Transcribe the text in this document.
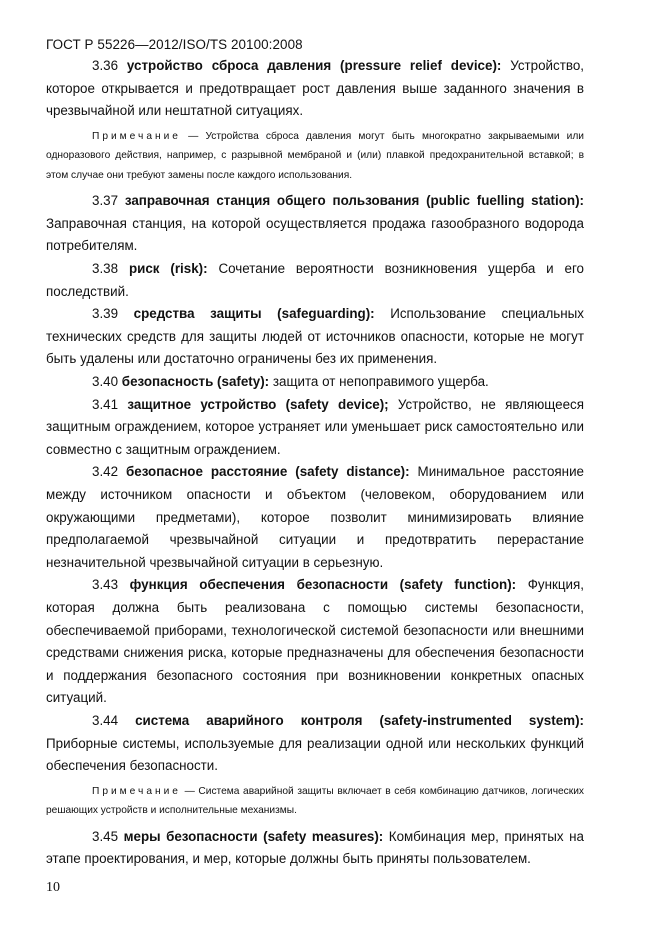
ГОСТ Р 55226—2012/ISO/TS 20100:2008

3.36 устройство сброса давления (pressure relief device): Устройство, которое открывается и предотвращает рост давления выше заданного значения в чрезвычайной или нештатной ситуациях.

Примечание — Устройства сброса давления могут быть многократно закрываемыми или одноразового действия, например, с разрывной мембраной и (или) плавкой предохранительной вставкой; в этом случае они требуют замены после каждого использования.

3.37 заправочная станция общего пользования (public fuelling station): Заправочная станция, на которой осуществляется продажа газообразного водорода потребителям.

3.38 риск (risk): Сочетание вероятности возникновения ущерба и его последствий.

3.39 средства защиты (safeguarding): Использование специальных технических средств для защиты людей от источников опасности, которые не могут быть удалены или достаточно ограничены без их применения.

3.40 безопасность (safety): защита от непоправимого ущерба.

3.41 защитное устройство (safety device); Устройство, не являющееся защитным ограждением, которое устраняет или уменьшает риск самостоятельно или совместно с защитным ограждением.

3.42 безопасное расстояние (safety distance): Минимальное расстояние между источником опасности и объектом (человеком, оборудованием или окружающими предметами), которое позволит минимизировать влияние предполагаемой чрезвычайной ситуации и предотвратить перерастание незначительной чрезвычайной ситуации в серьезную.

3.43 функция обеспечения безопасности (safety function): Функция, которая должна быть реализована с помощью системы безопасности, обеспечиваемой приборами, технологической системой безопасности или внешними средствами снижения риска, которые предназначены для обеспечения безопасности и поддержания безопасного состояния при возникновении конкретных опасных ситуаций.

3.44 система аварийного контроля (safety-instrumented system): Приборные системы, используемые для реализации одной или нескольких функций обеспечения безопасности.

Примечание — Система аварийной защиты включает в себя комбинацию датчиков, логических решающих устройств и исполнительные механизмы.

3.45 меры безопасности (safety measures): Комбинация мер, принятых на этапе проектирования, и мер, которые должны быть приняты пользователем.

10
